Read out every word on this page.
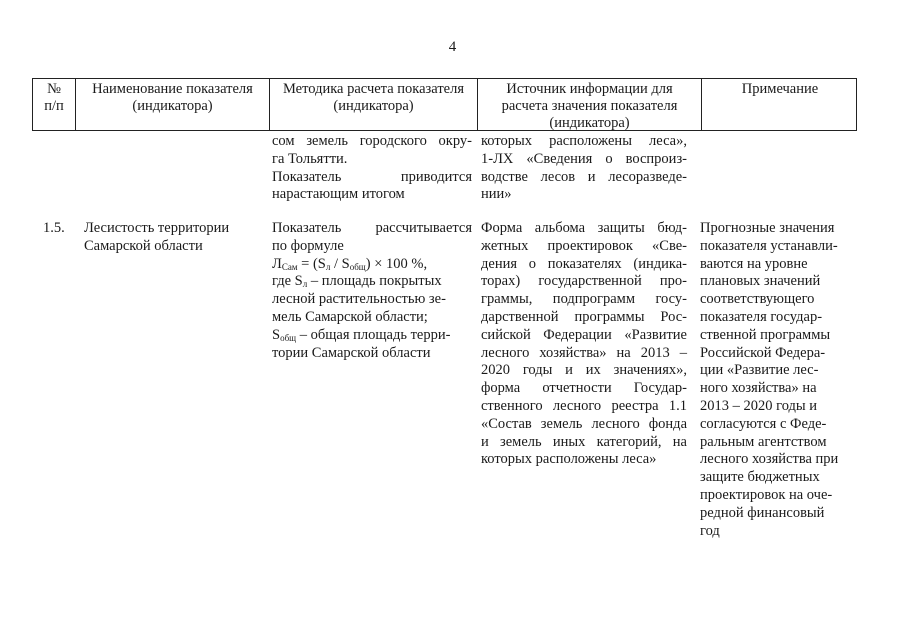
4
№
п/п
Наименование показателя
(индикатора)
Методика расчета показателя
(индикатора)
Источник информации для
расчета значения показателя
(индикатора)
Примечание
сом земель городского окру-
га Тольятти.
Показатель приводится
нарастающим итогом
которых расположены леса»,
1-ЛХ «Сведения о воспроиз-
водстве лесов и лесоразведе-
нии»
1.5.	Лесистость территории
Самарской области
Показатель рассчитывается
по формуле
$Л_{Сам} = (S_л / S_{общ}) \times 100$ %,
где $S_л$ – площадь покрытых
лесной растительностью зе-
мель Самарской области;
$S_{общ}$ – общая площадь терри-
тории Самарской области
Форма альбома защиты бюд-
жетных проектировок «Све-
дения о показателях (индика-
торах) государственной про-
граммы, подпрограмм госу-
дарственной программы Рос-
сийской Федерации «Развитие
лесного хозяйства» на 2013 –
2020 годы и их значениях»,
форма отчетности Государ-
ственного лесного реестра 1.1
«Состав земель лесного фонда
и земель иных категорий, на
которых расположены леса»
Прогнозные значения
показателя устанавли-
ваются на уровне
плановых значений
соответствующего
показателя государ-
ственной программы
Российской Федера-
ции «Развитие лес-
ного хозяйства» на
2013 – 2020 годы и
согласуются с Феде-
ральным агентством
лесного хозяйства при
защите бюджетных
проектировок на оче-
редной финансовый
год
